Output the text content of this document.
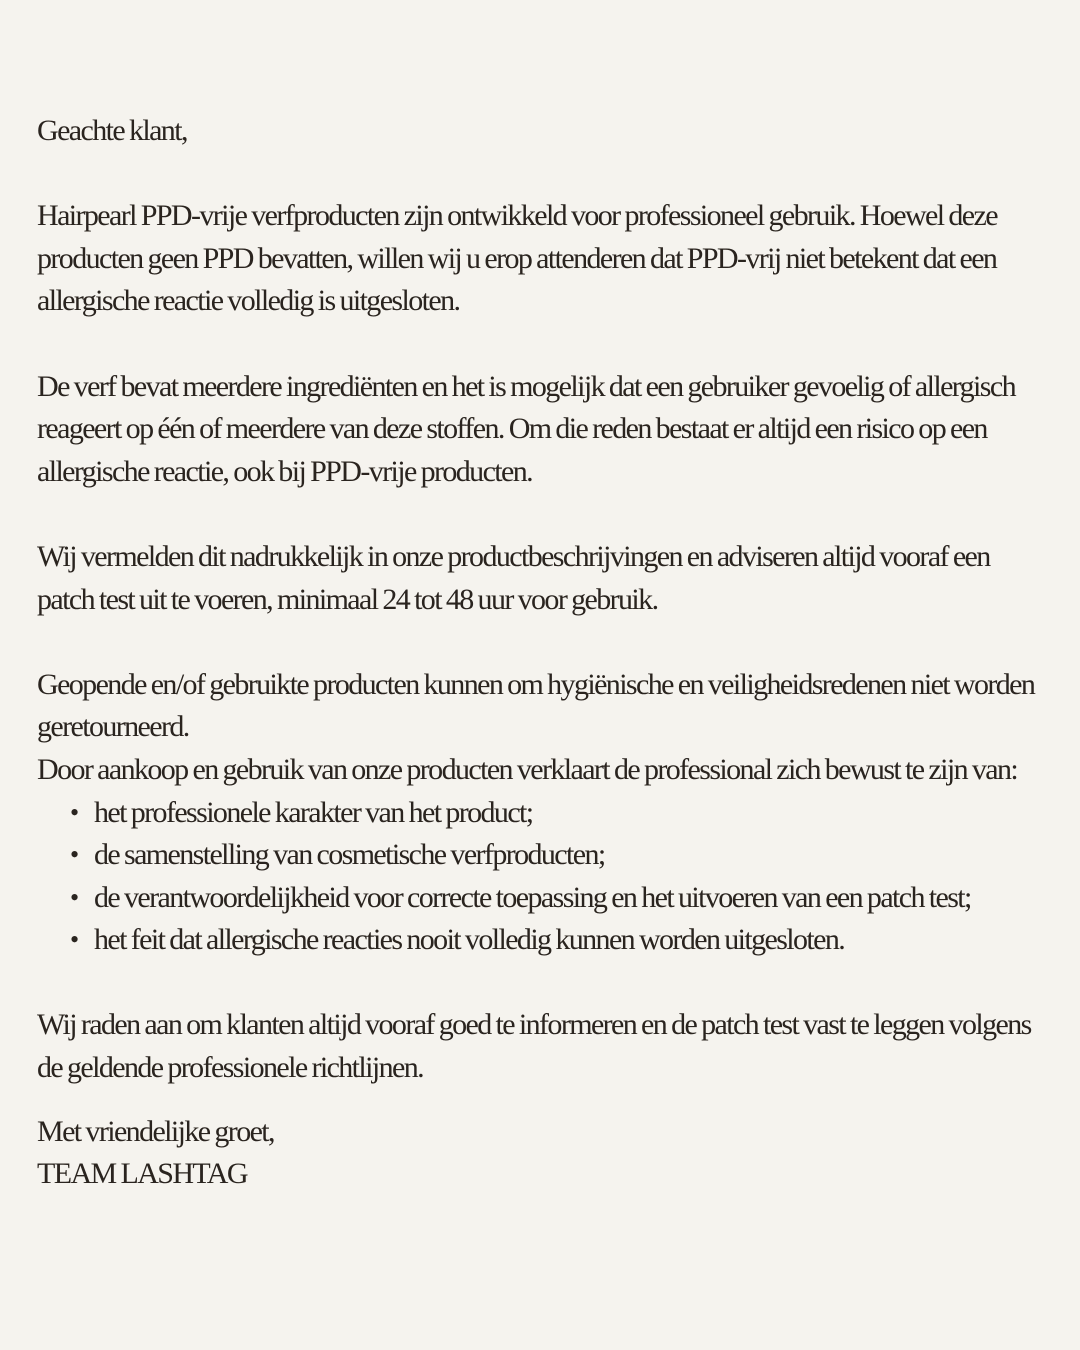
Geachte klant,

Hairpearl PPD-vrije verfproducten zijn ontwikkeld voor professioneel gebruik. Hoewel deze producten geen PPD bevatten, willen wij u erop attenderen dat PPD-vrij niet betekent dat een allergische reactie volledig is uitgesloten.

De verf bevat meerdere ingrediënten en het is mogelijk dat een gebruiker gevoelig of allergisch reageert op één of meerdere van deze stoffen. Om die reden bestaat er altijd een risico op een allergische reactie, ook bij PPD-vrije producten.

Wij vermelden dit nadrukkelijk in onze productbeschrijvingen en adviseren altijd vooraf een patch test uit te voeren, minimaal 24 tot 48 uur voor gebruik.

Geopende en/of gebruikte producten kunnen om hygiënische en veiligheidsredenen niet worden geretourneerd.

Door aankoop en gebruik van onze producten verklaart de professional zich bewust te zijn van:

• het professionele karakter van het product;
• de samenstelling van cosmetische verfproducten;
• de verantwoordelijkheid voor correcte toepassing en het uitvoeren van een patch test;
• het feit dat allergische reacties nooit volledig kunnen worden uitgesloten.

Wij raden aan om klanten altijd vooraf goed te informeren en de patch test vast te leggen volgens de geldende professionele richtlijnen.

Met vriendelijke groet,

TEAM LASHTAG
